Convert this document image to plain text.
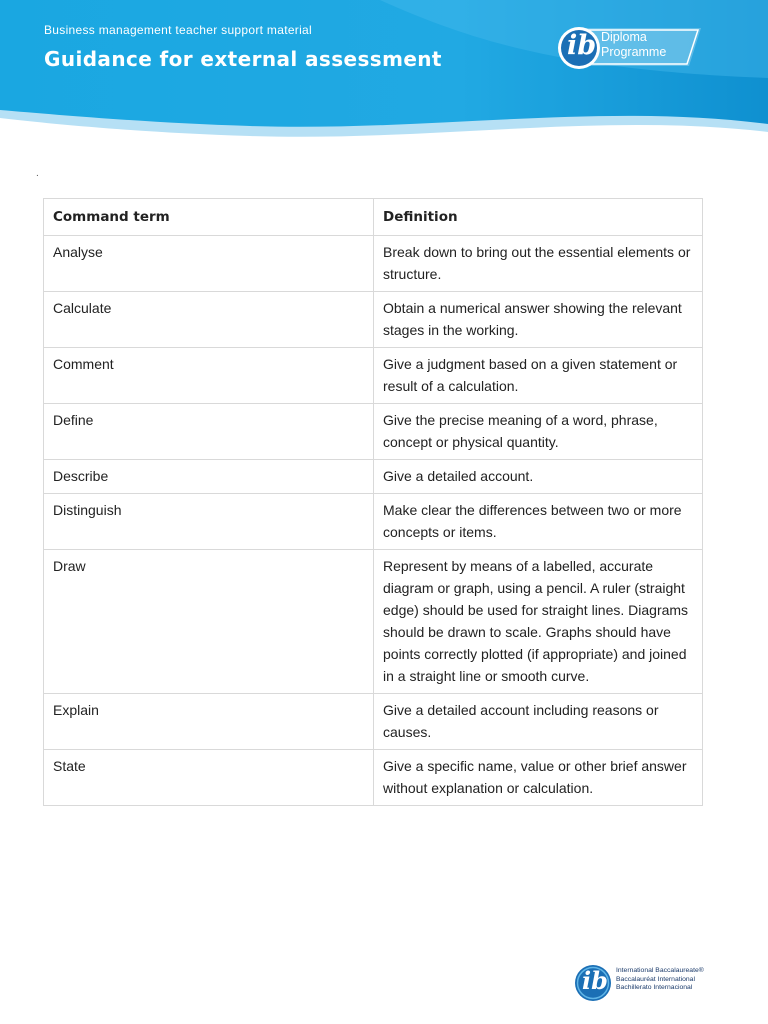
Business management teacher support material
Guidance for external assessment	ib Diploma
Programme
.
Command term	Definition
Analyse	Break down to bring out the essential elements or structure.
Calculate	Obtain a numerical answer showing the relevant stages in the working.
Comment	Give a judgment based on a given statement or result of a calculation.
Define	Give the precise meaning of a word, phrase, concept or physical quantity.
Describe	Give a detailed account.
Distinguish	Make clear the differences between two or more concepts or items.
Draw	Represent by means of a labelled, accurate diagram or graph, using a pencil. A ruler (straight edge) should be used for straight lines. Diagrams should be drawn to scale. Graphs should have points correctly plotted (if appropriate) and joined in a straight line or smooth curve.
Explain	Give a detailed account including reasons or causes.
State	Give a specific name, value or other brief answer without explanation or calculation.
ib International Baccalaureate®
Baccalauréat International
Bachillerato Internacional
